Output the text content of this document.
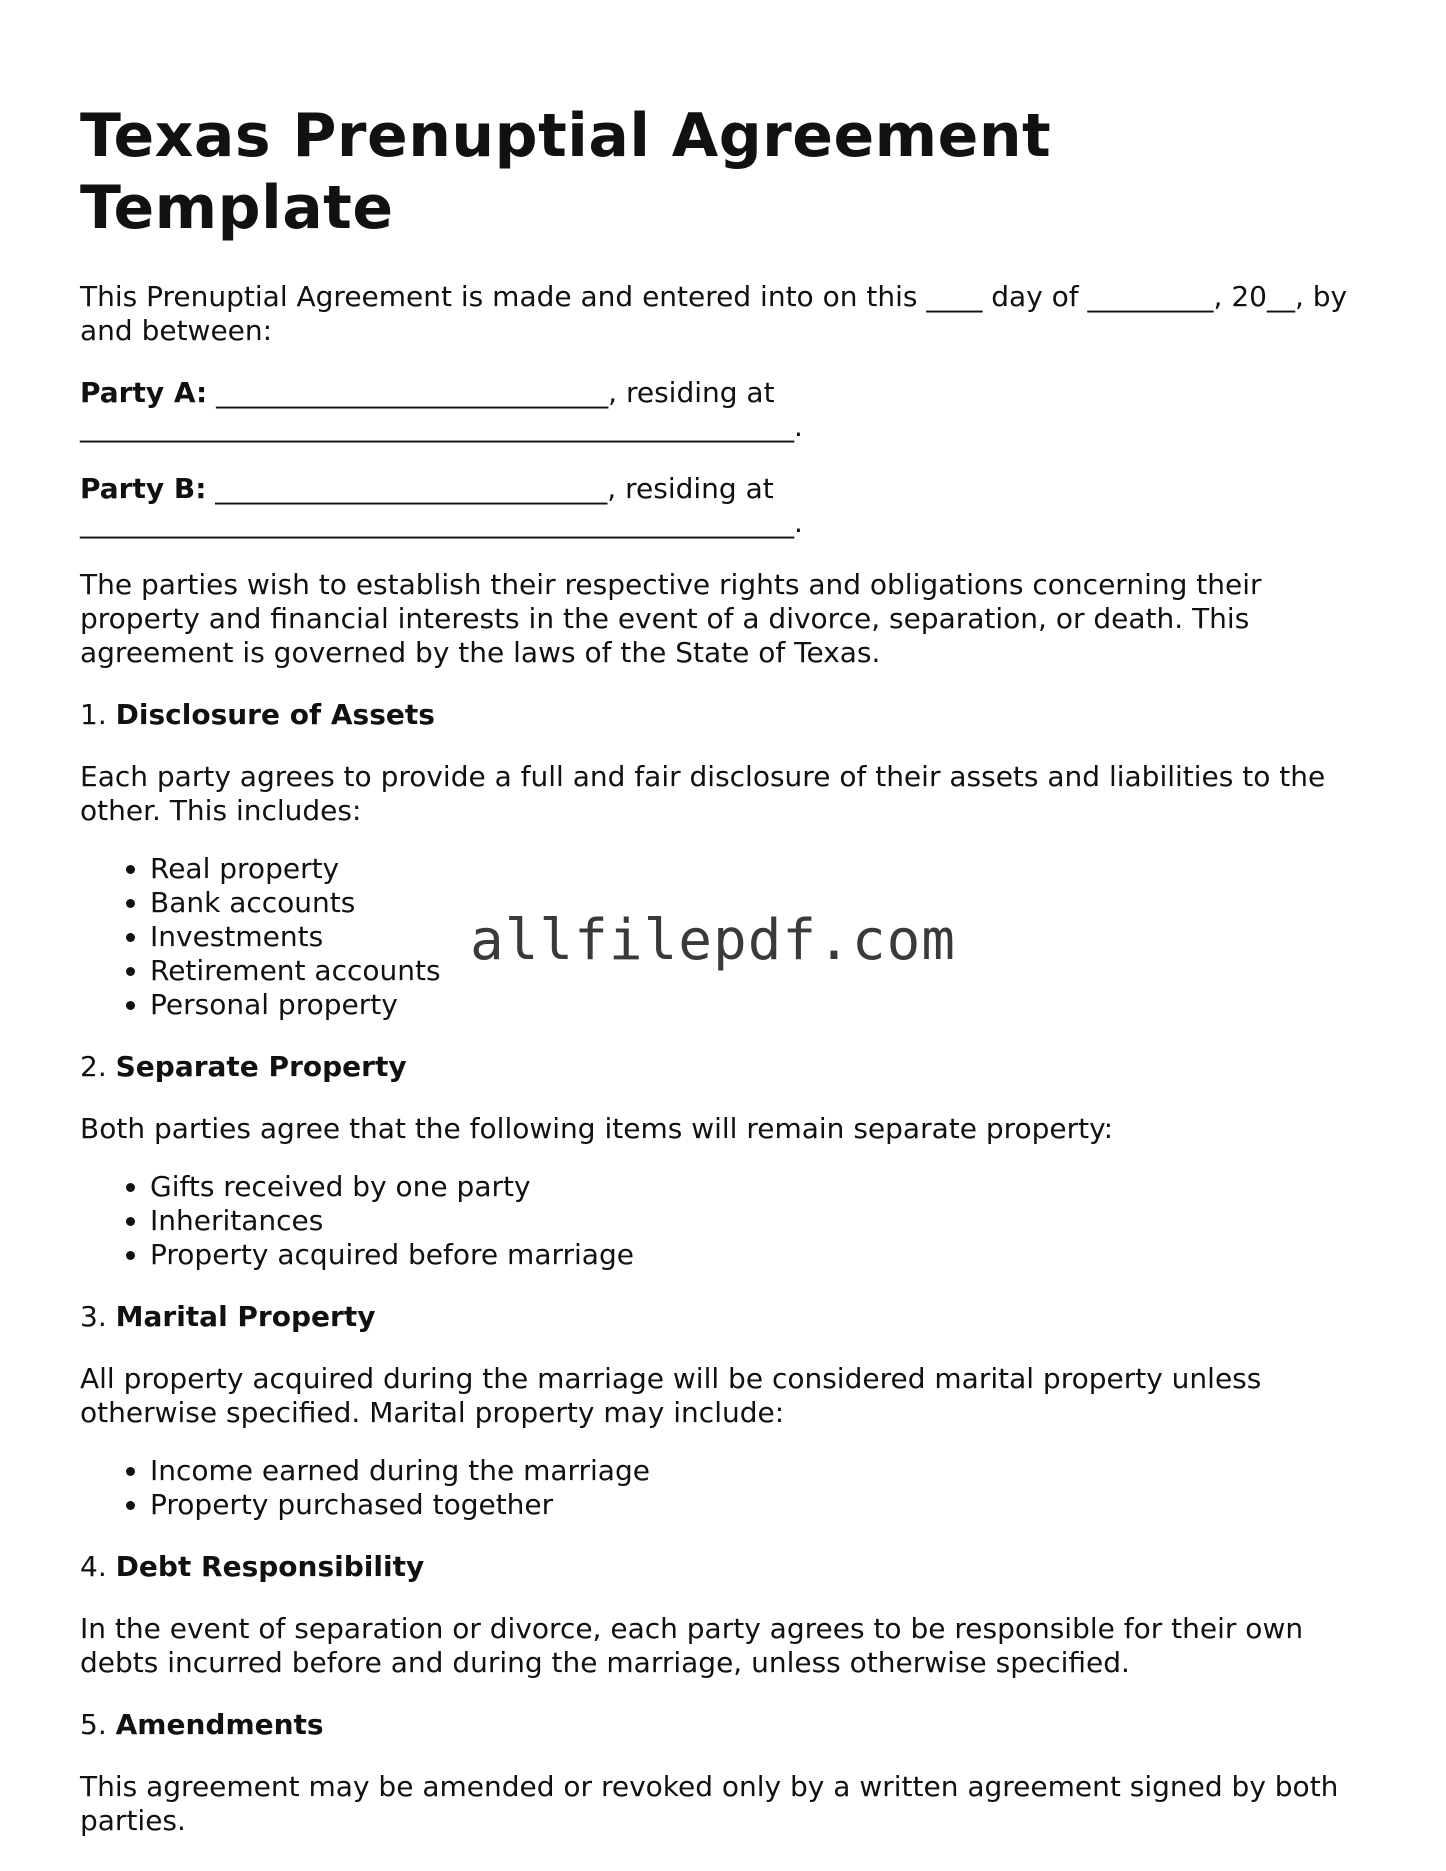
Texas Prenuptial Agreement Template

This Prenuptial Agreement is made and entered into on this ____ day of _________, 20__, by and between:

Party A: ____________________________, residing at
___________________________________________________.
Party B: ____________________________, residing at
___________________________________________________.

The parties wish to establish their respective rights and obligations concerning their property and financial interests in the event of a divorce, separation, or death. This agreement is governed by the laws of the State of Texas.

1. Disclosure of Assets

Each party agrees to provide a full and fair disclosure of their assets and liabilities to the other. This includes:

• Real property
• Bank accounts
• Investments
• Retirement accounts
• Personal property
2. Separate Property

Both parties agree that the following items will remain separate property:

• Gifts received by one party
• Inheritances
• Property acquired before marriage
3. Marital Property

All property acquired during the marriage will be considered marital property unless otherwise specified. Marital property may include:

• Income earned during the marriage
• Property purchased together
4. Debt Responsibility

In the event of separation or divorce, each party agrees to be responsible for their own debts incurred before and during the marriage, unless otherwise specified.

5. Amendments

This agreement may be amended or revoked only by a written agreement signed by both parties.

allfilepdf.com
